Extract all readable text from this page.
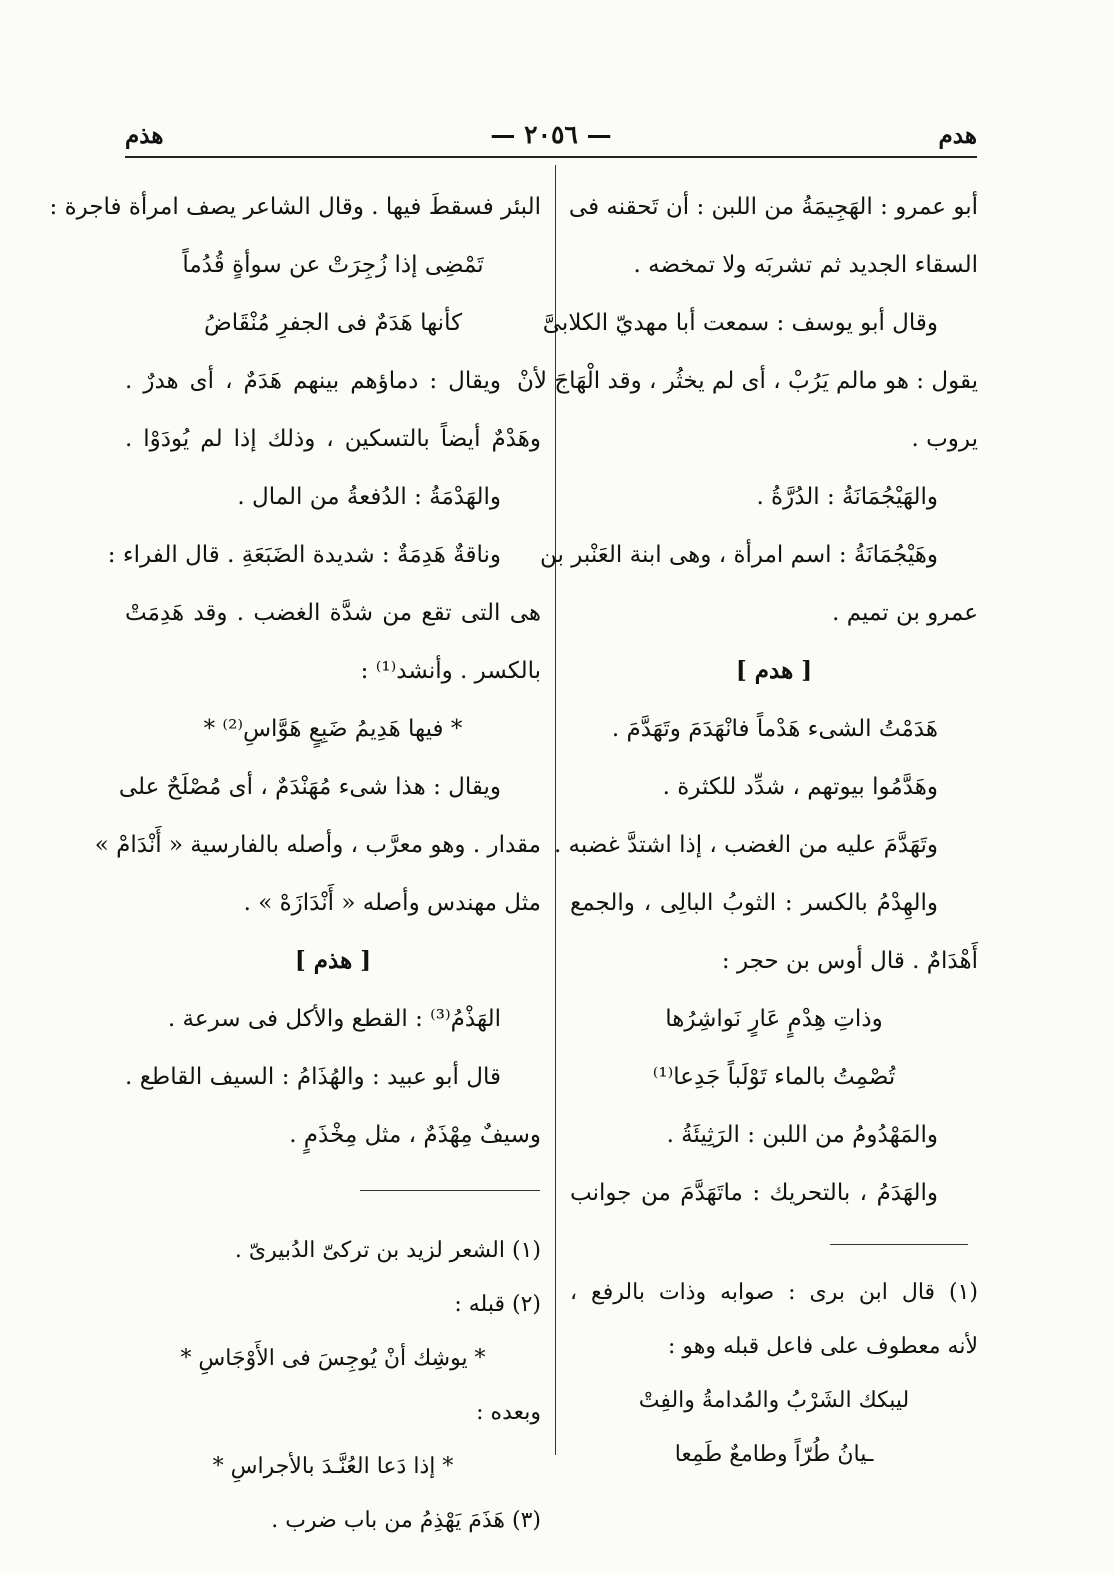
هدم
— ٢٠٥٦ —
هذم
أبو عمرو : الهَجِيمَةُ من اللبن : أن تَحقنه فى
السقاء الجديد ثم تشربَه ولا تمخضه .
وقال أبو يوسف : سمعت أبا مهديّ الكلابىَّ
يقول : هو مالم يَرُبْ ، أى لم يخثُر ، وقد الْهَاجَ لأنْ
يروب .
والهَيْجُمَانَةُ : الدُرَّةُ .
وهَيْجُمَانَةُ : اسم امرأة ، وهى ابنة العَنْبر بن
عمرو بن تميم .
[ هدم ]
هَدَمْتُ الشىء هَدْماً فانْهَدَمَ وتَهَدَّمَ .
وهَدَّمُوا بيوتهم ، شدِّد للكثرة .
وتَهَدَّمَ عليه من الغضب ، إذا اشتدَّ غضبه .
والهِدْمُ بالكسر : الثوبُ البالِى ، والجمع
أَهْدَامٌ . قال أوس بن حجر :
وذاتِ هِدْمٍ عَارٍ نَواشِرُها
تُصْمِتُ بالماء تَوْلَباً جَدِعا⁽¹⁾
والمَهْدُومُ من اللبن : الرَثِيئَةُ .
والهَدَمُ ، بالتحريك : ماتَهَدَّمَ من جوانب
(١) قال ابن برى : صوابه وذات بالرفع ،
لأنه معطوف على فاعل قبله وهو :
ليبكك الشَرْبُ والمُدامةُ والفِتْ
ـيانُ طُرّاً وطامعٌ طَمِعا
البئر فسقطَ فيها . وقال الشاعر يصف امرأة فاجرة :
تَمْضِى إذا زُجِرَتْ عن سوأةٍ قُدُماً
كأنها هَدَمٌ فى الجفرِ مُنْقَاضُ
ويقال : دماؤهم بينهم هَدَمٌ ، أى هدرٌ .
وهَدْمٌ أيضاً بالتسكين ، وذلك إذا لم يُودَوْا .
والهَدْمَةُ : الدُفعةُ من المال .
وناقةٌ هَدِمَةٌ : شديدة الضَبَعَةِ . قال الفراء :
هى التى تقع من شدَّة الغضب . وقد هَدِمَتْ
بالكسر . وأنشد⁽¹⁾ :
* فيها هَدِيمُ ضَبِعٍ هَوَّاسِ⁽²⁾ *
ويقال : هذا شىء مُهَنْدَمٌ ، أى مُصْلَحٌ على
مقدار . وهو معرَّب ، وأصله بالفارسية « أَنْدَامْ »
مثل مهندس وأصله « أَنْدَازَهْ » .
[ هذم ]
الهَذْمُ⁽³⁾ : القطع والأكل فى سرعة .
قال أبو عبيد : والهُذَامُ : السيف القاطع .
وسيفٌ مِهْذَمٌ ، مثل مِخْذَمٍ .
(١) الشعر لزيد بن تركىّ الدُبيرىّ .
(٢) قبله :
* يوشِك أنْ يُوجِسَ فى الأَوْجَاسِ *
وبعده :
* إذا دَعا العُنَّـدَ بالأجراسِ *
(٣) هَذَمَ يَهْذِمُ من باب ضرب .
